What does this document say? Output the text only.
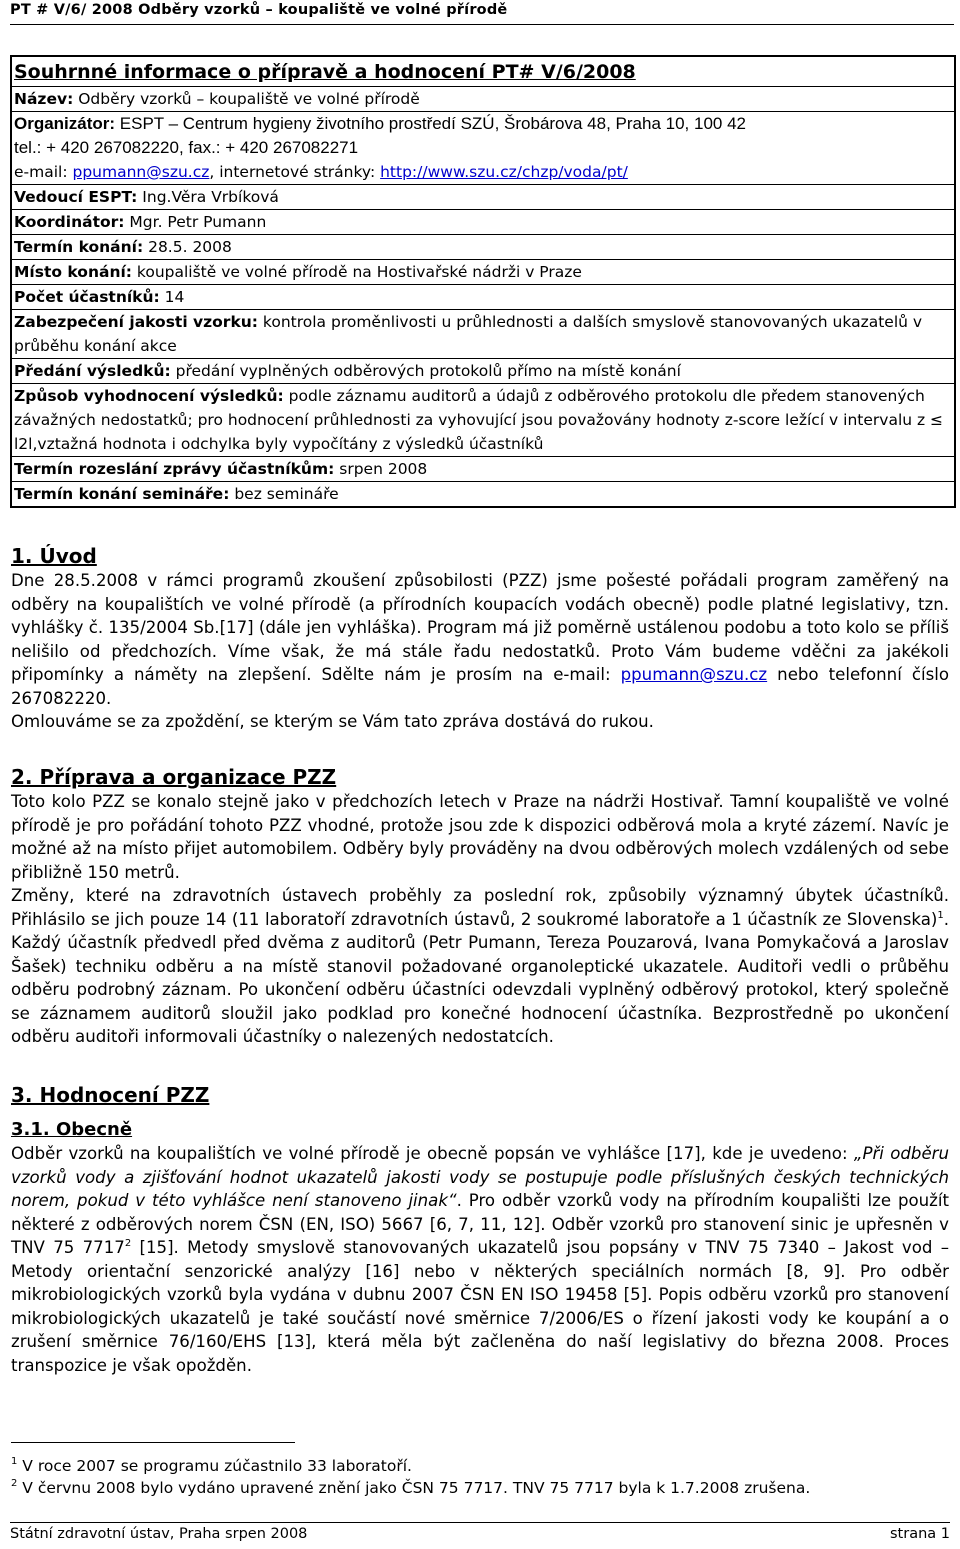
PT # V/6/ 2008 Odběry vzorků – koupaliště ve volné přírodě
Souhrnné informace o přípravě a hodnocení PT# V/6/2008
Název: Odběry vzorků – koupaliště ve volné přírodě
Organizátor: ESPT – Centrum hygieny životního prostředí SZÚ, Šrobárova 48, Praha 10, 100 42
tel.: + 420 267082220, fax.: + 420 267082271
e-mail: ppumann@szu.cz, internetové stránky: http://www.szu.cz/chzp/voda/pt/
Vedoucí ESPT: Ing.Věra Vrbíková
Koordinátor: Mgr. Petr Pumann
Termín konání: 28.5. 2008
Místo konání: koupaliště ve volné přírodě na Hostivařské nádrži v Praze
Počet účastníků: 14
Zabezpečení jakosti vzorku: kontrola proměnlivosti u průhlednosti a dalších smyslově stanovovaných ukazatelů v průběhu konání akce
Předání výsledků: předání vyplněných odběrových protokolů přímo na místě konání
Způsob vyhodnocení výsledků: podle záznamu auditorů a údajů z odběrového protokolu dle předem stanovených závažných nedostatků; pro hodnocení průhlednosti za vyhovující jsou považovány hodnoty z-score ležící v intervalu z ≤ l2l,vztažná hodnota i odchylka byly vypočítány z výsledků účastníků
Termín rozeslání zprávy účastníkům: srpen 2008
Termín konání semináře: bez semináře
1. Úvod

Dne 28.5.2008 v rámci programů zkoušení způsobilosti (PZZ) jsme pošesté pořádali program zaměřený na odběry na koupalištích ve volné přírodě (a přírodních koupacích vodách obecně) podle platné legislativy, tzn. vyhlášky č. 135/2004 Sb.[17] (dále jen vyhláška). Program má již poměrně ustálenou podobu a toto kolo se příliš nelišilo od předchozích. Víme však, že má stále řadu nedostatků. Proto Vám budeme vděčni za jakékoli připomínky a náměty na zlepšení. Sdělte nám je prosím na e-mail: ppumann@szu.cz nebo telefonní číslo 267082220.

Omlouváme se za zpoždění, se kterým se Vám tato zpráva dostává do rukou.

2. Příprava a organizace PZZ

Toto kolo PZZ se konalo stejně jako v předchozích letech v Praze na nádrži Hostivař. Tamní koupaliště ve volné přírodě je pro pořádání tohoto PZZ vhodné, protože jsou zde k dispozici odběrová mola a kryté zázemí. Navíc je možné až na místo přijet automobilem. Odběry byly prováděny na dvou odběrových molech vzdálených od sebe přibližně 150 metrů.

Změny, které na zdravotních ústavech proběhly za poslední rok, způsobily významný úbytek účastníků. Přihlásilo se jich pouze 14 (11 laboratoří zdravotních ústavů, 2 soukromé laboratoře a 1 účastník ze Slovenska)$^1$. Každý účastník předvedl před dvěma z auditorů (Petr Pumann, Tereza Pouzarová, Ivana Pomykačová a Jaroslav Šašek) techniku odběru a na místě stanovil požadované organoleptické ukazatele. Auditoři vedli o průběhu odběru podrobný záznam. Po ukončení odběru účastníci odevzdali vyplněný odběrový protokol, který společně se záznamem auditorů sloužil jako podklad pro konečné hodnocení účastníka. Bezprostředně po ukončení odběru auditoři informovali účastníky o nalezených nedostatcích.

3. Hodnocení PZZ
3.1. Obecně

Odběr vzorků na koupalištích ve volné přírodě je obecně popsán ve vyhlášce [17], kde je uvedeno: „Při odběru vzorků vody a zjišťování hodnot ukazatelů jakosti vody se postupuje podle příslušných českých technických norem, pokud v této vyhlášce není stanoveno jinak“. Pro odběr vzorků vody na přírodním koupališti lze použít některé z odběrových norem ČSN (EN, ISO) 5667 [6, 7, 11, 12]. Odběr vzorků pro stanovení sinic je upřesněn v TNV 75 7717$^2$ [15]. Metody smyslově stanovovaných ukazatelů jsou popsány v TNV 75 7340 – Jakost vod – Metody orientační senzorické analýzy [16] nebo v některých speciálních normách [8, 9]. Pro odběr mikrobiologických vzorků byla vydána v dubnu 2007 ČSN EN ISO 19458 [5]. Popis odběru vzorků pro stanovení mikrobiologických ukazatelů je také součástí nové směrnice 7/2006/ES o řízení jakosti vody ke koupání a o zrušení směrnice 76/160/EHS [13], která měla být začleněna do naší legislativy do března 2008. Proces transpozice je však opožděn.

$^1$ V roce 2007 se programu zúčastnilo 33 laboratoří.
$^2$ V červnu 2008 bylo vydáno upravené znění jako ČSN 75 7717. TNV 75 7717 byla k 1.7.2008 zrušena.
Státní zdravotní ústav, Praha srpen 2008	strana 1
